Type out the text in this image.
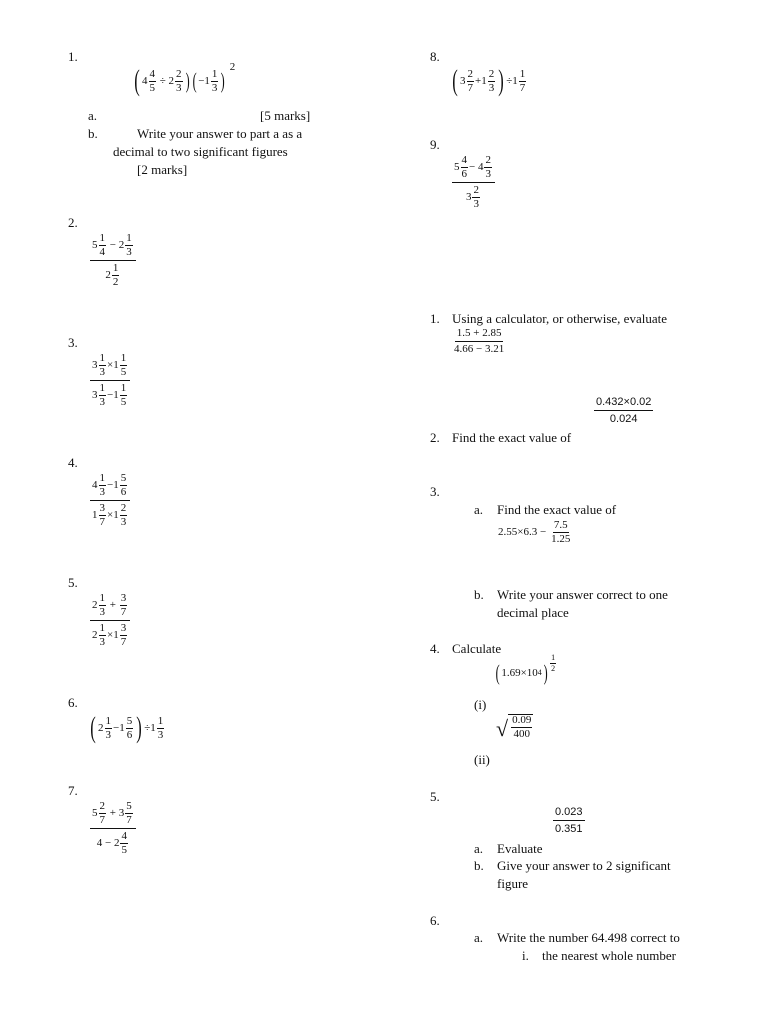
1.
( $4 \frac{4}{5} \div 2$
2
3 ) ( −1
1
3 )
2
a.	[5 marks]
b.	Write your answer to part a as a
decimal to two significant figures
[2 marks]
2.
5
1
4
− 2
1
3
2
1
2
3.
3
1
3
×1
1
5
3
1
3
−1
1
5
4.
4
1
3
−1
5
6
1
3
7
×1
2
3
5.
2
1
3
+
3
7
2
1
3
×1
3
7
6.
( 2
1
3
−1
5
6 ) ÷1
1
3
7.
5
2
7
+ 3
5
7
4 − 2
4
5
8.
( 3
2
7
+1
2
3 ) ÷1
1
7
9.
5
4
6
− 4
2
3
3
2
3
1. Using a calculator, or otherwise, evaluate
1.5 + 2.85
4.66 − 3.21
0.432×0.02
0.024
2. Find the exact value of
3.
a. Find the exact value of
$2.55\times 6.3 - \frac{7.5}{1.25}$
b. Write your answer correct to one
decimal place
4. Calculate
( 1.69×10 4 )
1
2
(i)
√ $\frac{0.09}{400}$
(ii)
5.
0.023
0.351
a. Evaluate
b. Give your answer to 2 significant
figure
6.
a. Write the number 64.498 correct to
i. the nearest whole number
